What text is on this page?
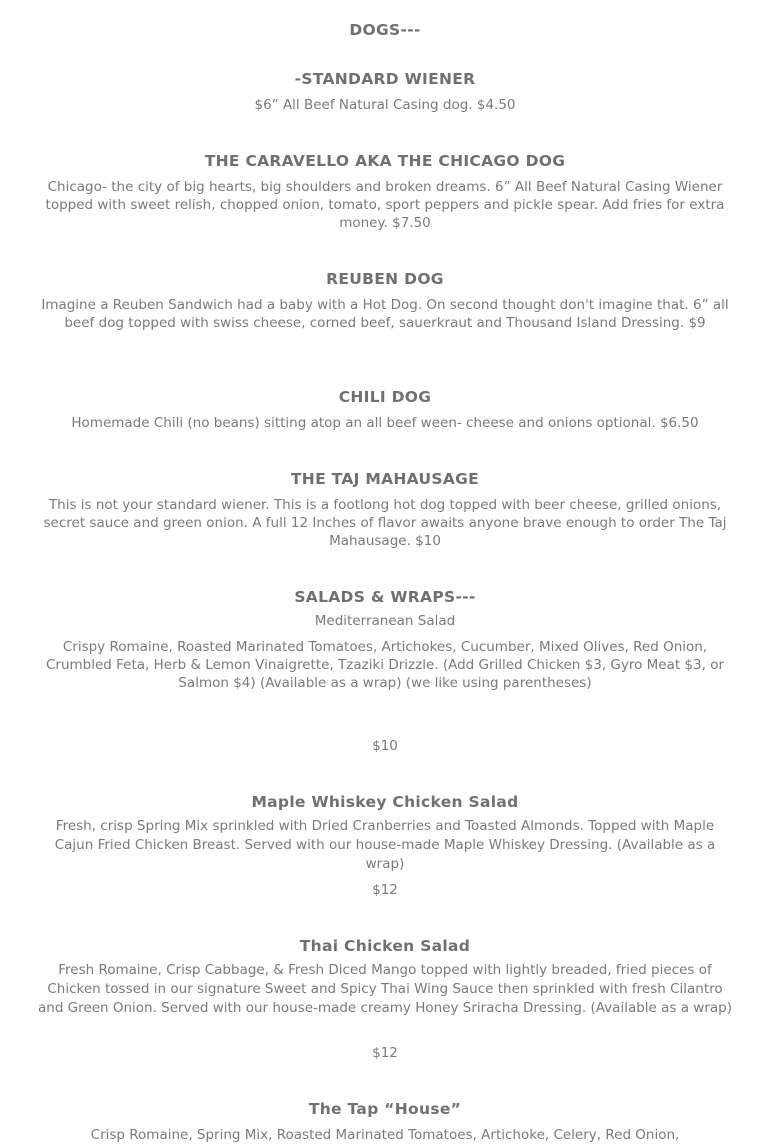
DOGS---
-STANDARD WIENER
$6” All Beef Natural Casing dog. $4.50
THE CARAVELLO AKA THE CHICAGO DOG
Chicago- the city of big hearts, big shoulders and broken dreams. 6” All Beef Natural Casing Wiener topped with sweet relish, chopped onion, tomato, sport peppers and pickle spear. Add fries for extra money. $7.50
REUBEN DOG
Imagine a Reuben Sandwich had a baby with a Hot Dog. On second thought don't imagine that. 6” all beef dog topped with swiss cheese, corned beef, sauerkraut and Thousand Island Dressing. $9
CHILI DOG
Homemade Chili (no beans) sitting atop an all beef ween- cheese and onions optional. $6.50
THE TAJ MAHAUSAGE
This is not your standard wiener. This is a footlong hot dog topped with beer cheese, grilled onions, secret sauce and green onion. A full 12 Inches of flavor awaits anyone brave enough to order The Taj Mahausage. $10
SALADS & WRAPS---
Mediterranean Salad
Crispy Romaine, Roasted Marinated Tomatoes, Artichokes, Cucumber, Mixed Olives, Red Onion, Crumbled Feta, Herb & Lemon Vinaigrette, Tzaziki Drizzle. (Add Grilled Chicken $3, Gyro Meat $3, or Salmon $4) (Available as a wrap) (we like using parentheses)
$10
Maple Whiskey Chicken Salad
Fresh, crisp Spring Mix sprinkled with Dried Cranberries and Toasted Almonds. Topped with Maple Cajun Fried Chicken Breast. Served with our house-made Maple Whiskey Dressing. (Available as a wrap)
$12
Thai Chicken Salad
Fresh Romaine, Crisp Cabbage, & Fresh Diced Mango topped with lightly breaded, fried pieces of Chicken tossed in our signature Sweet and Spicy Thai Wing Sauce then sprinkled with fresh Cilantro and Green Onion. Served with our house-made creamy Honey Sriracha Dressing. (Available as a wrap)
$12
The Tap “House”
Crisp Romaine, Spring Mix, Roasted Marinated Tomatoes, Artichoke, Celery, Red Onion,
